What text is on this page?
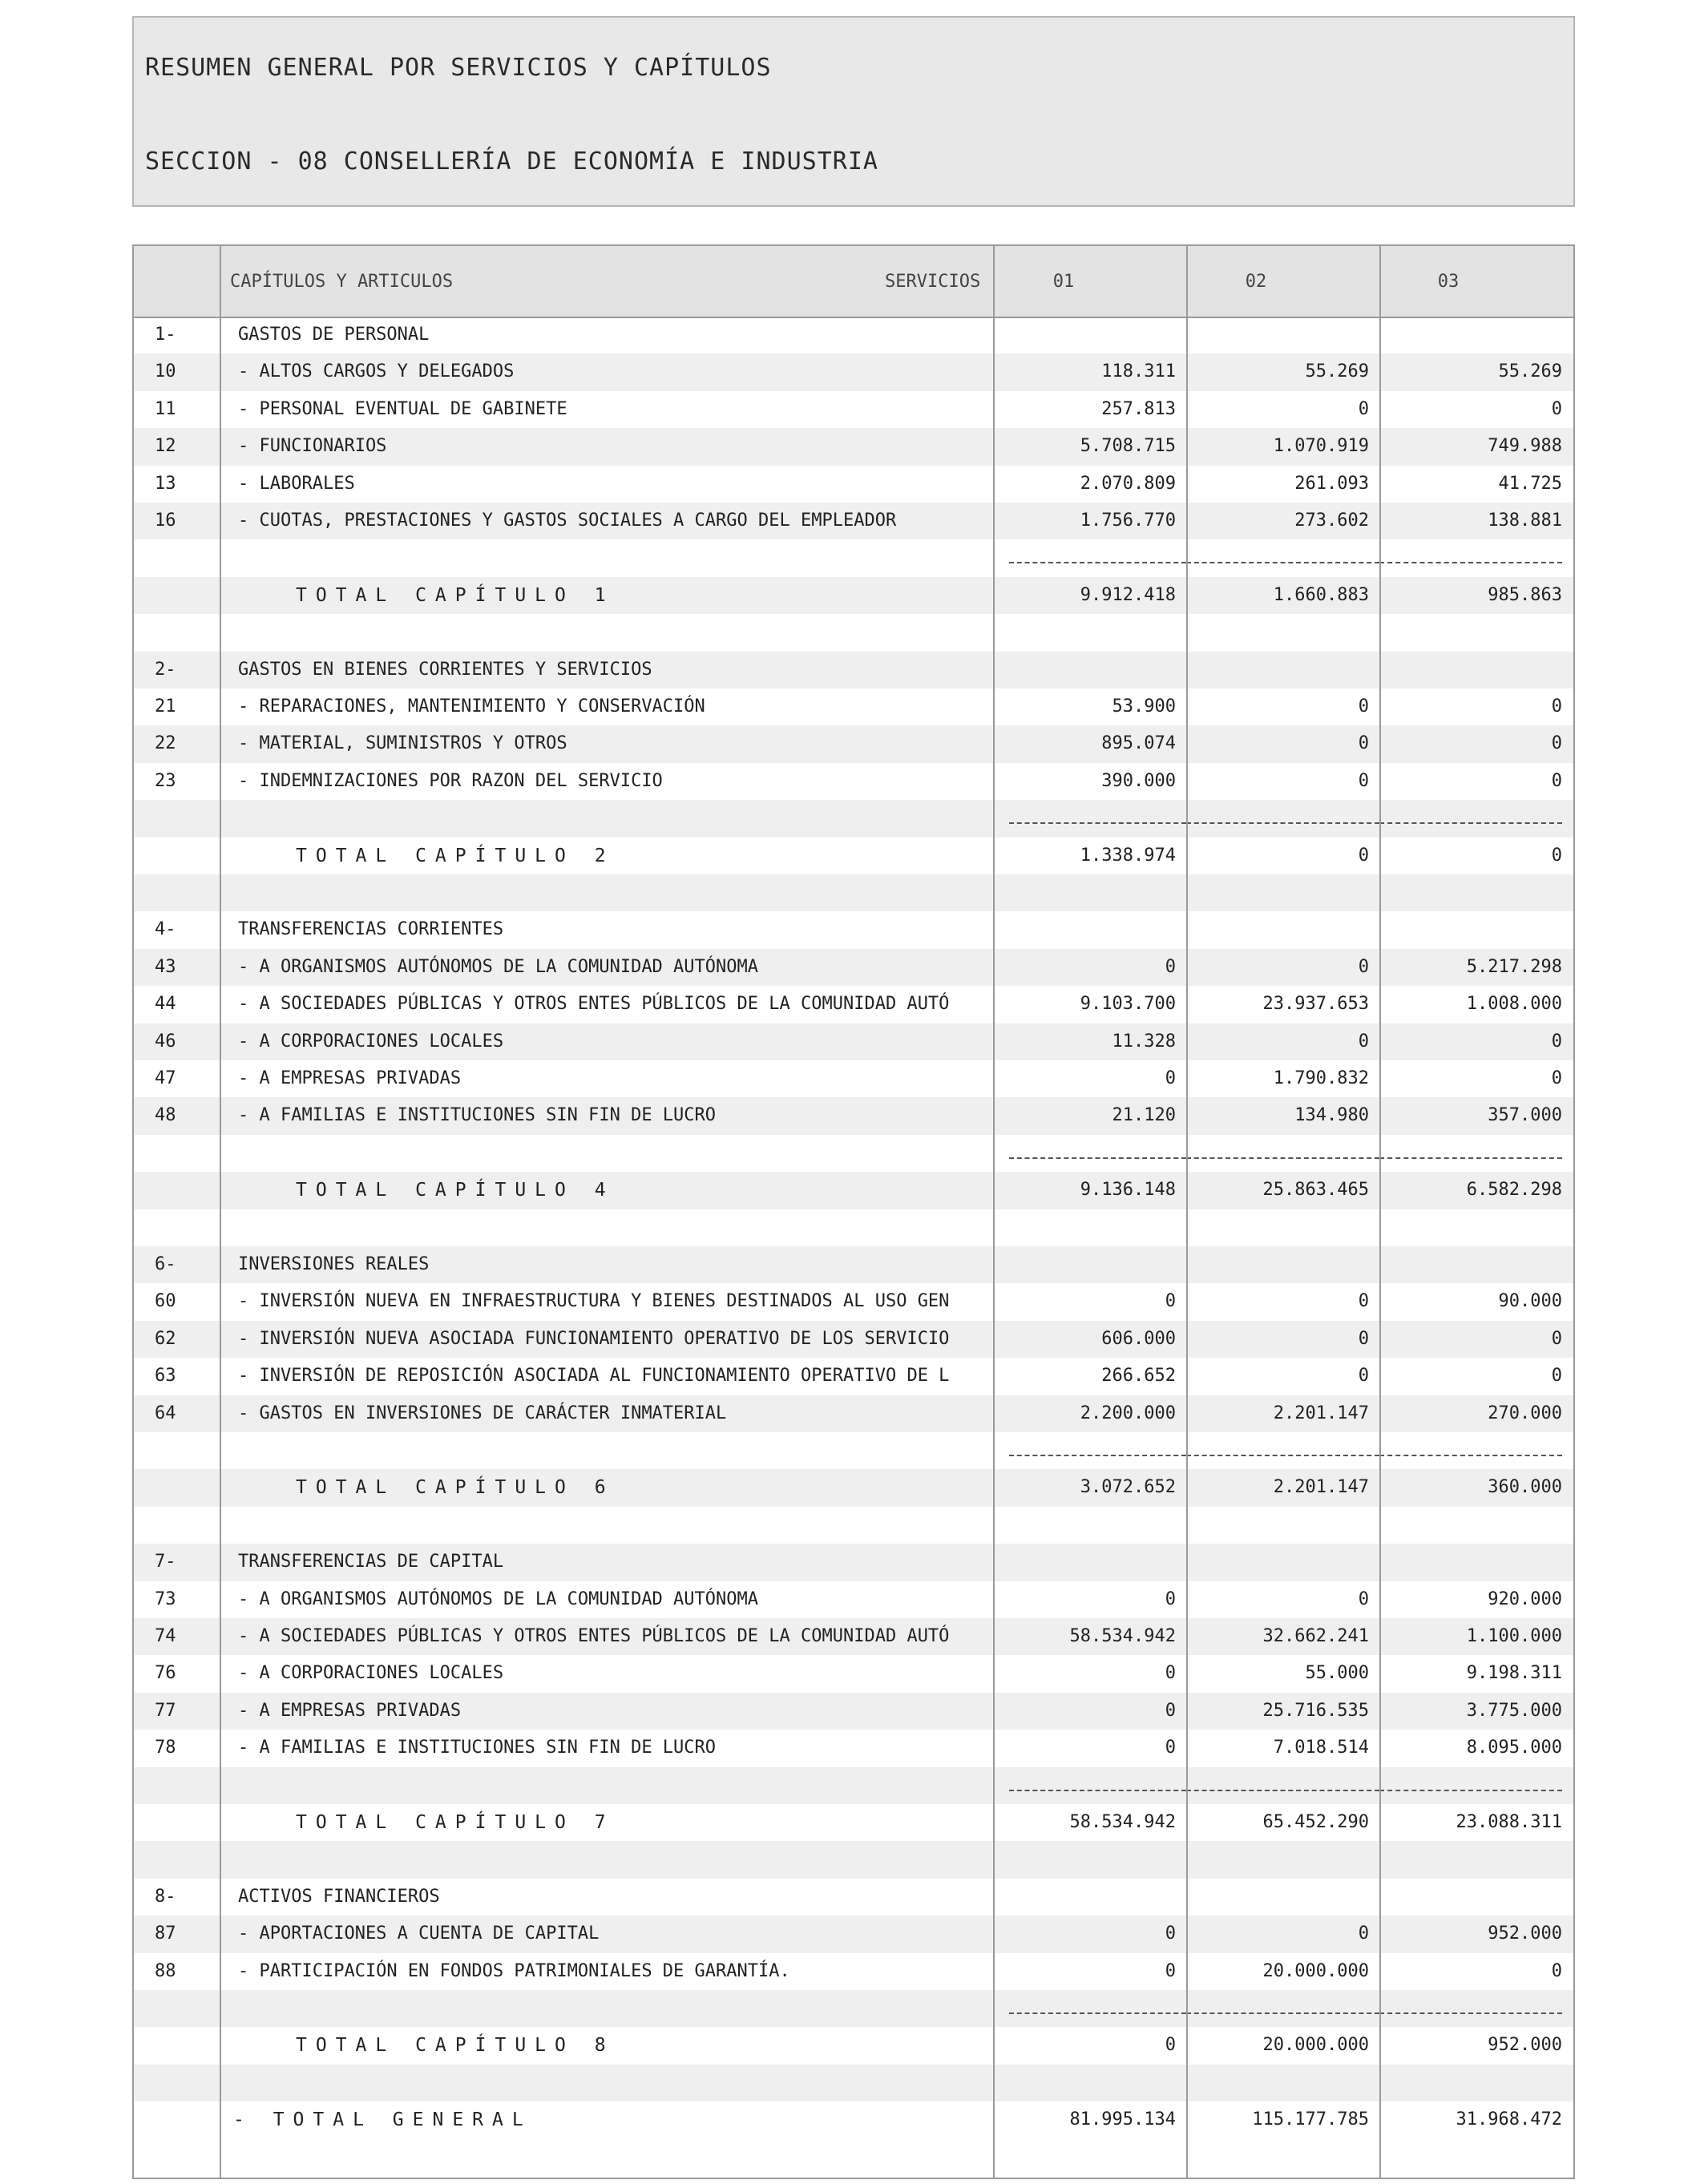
RESUMEN GENERAL POR SERVICIOS Y CAPÍTULOS
SECCION - 08 CONSELLERÍA DE ECONOMÍA E INDUSTRIA
CAPÍTULOS Y ARTICULOS	SERVICIOS	01	02	03
1-	GASTOS DE PERSONAL
10	- ALTOS CARGOS Y DELEGADOS	118.311	55.269	55.269
11	- PERSONAL EVENTUAL DE GABINETE	257.813	0	0
12	- FUNCIONARIOS	5.708.715	1.070.919	749.988
13	- LABORALES	2.070.809	261.093	41.725
16	- CUOTAS, PRESTACIONES Y GASTOS SOCIALES A CARGO DEL EMPLEADOR	1.756.770	273.602	138.881
TOTAL CAPÍTULO 1	9.912.418	1.660.883	985.863
2-	GASTOS EN BIENES CORRIENTES Y SERVICIOS
21	- REPARACIONES, MANTENIMIENTO Y CONSERVACIÓN	53.900	0	0
22	- MATERIAL, SUMINISTROS Y OTROS	895.074	0	0
23	- INDEMNIZACIONES POR RAZON DEL SERVICIO	390.000	0	0
TOTAL CAPÍTULO 2	1.338.974	0	0
4-	TRANSFERENCIAS CORRIENTES
43	- A ORGANISMOS AUTÓNOMOS DE LA COMUNIDAD AUTÓNOMA	0	0	5.217.298
44	- A SOCIEDADES PÚBLICAS Y OTROS ENTES PÚBLICOS DE LA COMUNIDAD AUTÓ	9.103.700	23.937.653	1.008.000
46	- A CORPORACIONES LOCALES	11.328	0	0
47	- A EMPRESAS PRIVADAS	0	1.790.832	0
48	- A FAMILIAS E INSTITUCIONES SIN FIN DE LUCRO	21.120	134.980	357.000
TOTAL CAPÍTULO 4	9.136.148	25.863.465	6.582.298
6-	INVERSIONES REALES
60	- INVERSIÓN NUEVA EN INFRAESTRUCTURA Y BIENES DESTINADOS AL USO GEN	0	0	90.000
62	- INVERSIÓN NUEVA ASOCIADA FUNCIONAMIENTO OPERATIVO DE LOS SERVICIO	606.000	0	0
63	- INVERSIÓN DE REPOSICIÓN ASOCIADA AL FUNCIONAMIENTO OPERATIVO DE L	266.652	0	0
64	- GASTOS EN INVERSIONES DE CARÁCTER INMATERIAL	2.200.000	2.201.147	270.000
TOTAL CAPÍTULO 6	3.072.652	2.201.147	360.000
7-	TRANSFERENCIAS DE CAPITAL
73	- A ORGANISMOS AUTÓNOMOS DE LA COMUNIDAD AUTÓNOMA	0	0	920.000
74	- A SOCIEDADES PÚBLICAS Y OTROS ENTES PÚBLICOS DE LA COMUNIDAD AUTÓ	58.534.942	32.662.241	1.100.000
76	- A CORPORACIONES LOCALES	0	55.000	9.198.311
77	- A EMPRESAS PRIVADAS	0	25.716.535	3.775.000
78	- A FAMILIAS E INSTITUCIONES SIN FIN DE LUCRO	0	7.018.514	8.095.000
TOTAL CAPÍTULO 7	58.534.942	65.452.290	23.088.311
8-	ACTIVOS FINANCIEROS
87	- APORTACIONES A CUENTA DE CAPITAL	0	0	952.000
88	- PARTICIPACIÓN EN FONDOS PATRIMONIALES DE GARANTÍA.	0	20.000.000	0
TOTAL CAPÍTULO 8	0	20.000.000	952.000
- TOTAL GENERAL	81.995.134	115.177.785	31.968.472
